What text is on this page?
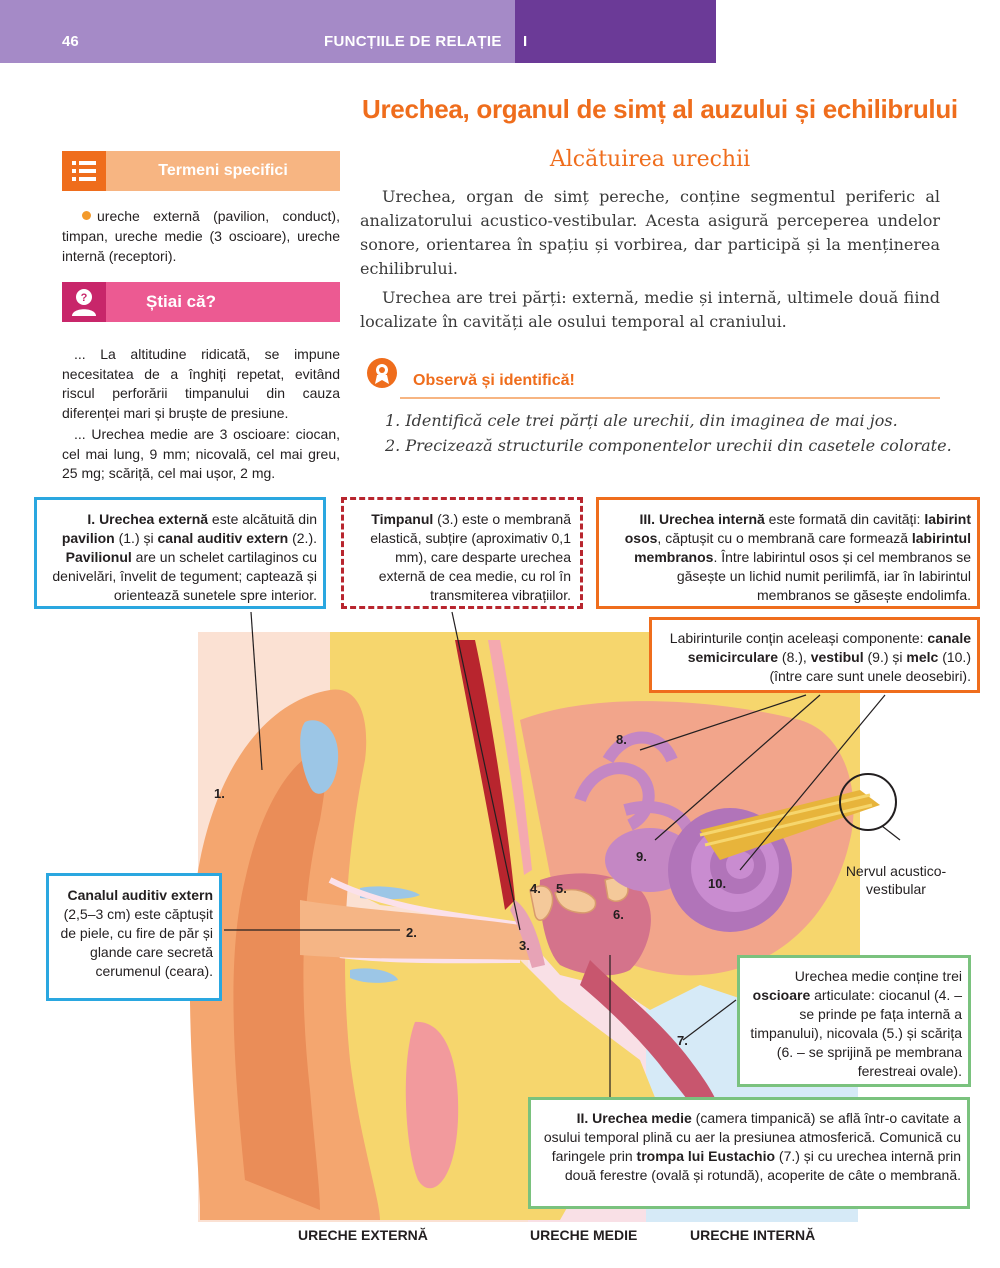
46	FUNCȚIILE DE RELAȚIE I
Urechea, organul de simț al auzului și echilibrului
Alcătuirea urechii
Urechea, organ de simț pereche, conține segmentul periferic al analizatorului acustico-vestibular. Acesta asigură perceperea undelor sonore, orientarea în spațiu și vorbirea, dar participă și la menținerea echilibrului.
Urechea are trei părți: externă, medie și internă, ultimele două fiind localizate în cavități ale osului temporal al craniului.
Termeni specifici
ureche externă (pavilion, conduct), timpan, ureche medie (3 oscioare), ureche internă (receptori).
?	Știai că?
... La altitudine ridicată, se impune necesitatea de a înghiți repetat, evitând riscul perforării timpanului din cauza diferenței mari și bruște de presiune.
... Urechea medie are 3 oscioare: ciocan, cel mai lung, 9 mm; nicovală, cel mai greu, 25 mg; scăriță, cel mai ușor, 2 mg.
Observă și identifică!
1. Identifică cele trei părți ale urechii, din imaginea de mai jos.
2. Precizează structurile componentelor urechii din casetele colorate.
I. Urechea externă este alcătuită din pavilion (1.) și canal auditiv extern (2.). Pavilionul are un schelet cartilaginos cu denivelări, învelit de tegument; captează și orientează sunetele spre interior.
Timpanul (3.) este o membrană elastică, subțire (aproximativ 0,1 mm), care desparte urechea externă de cea medie, cu rol în transmiterea vibrațiilor.
III. Urechea internă este formată din cavități: labirint osos, căptușit cu o membrană care formează labirintul membranos. Între labirintul osos și cel membranos se găsește un lichid numit perilimfă, iar în labirintul membranos se găsește endolimfa.
Labirinturile conțin aceleași componente: canale semicirculare (8.), vestibul (9.) și melc (10.) (între care sunt unele deosebiri).
Canalul auditiv extern (2,5–3 cm) este căptușit de piele, cu fire de păr și glande care secretă cerumenul (ceara).	Urechea medie conține trei oscioare articulate: ciocanul (4. – se prinde pe fața internă a timpanului), nicovala (5.) și scărița (6. – se sprijină pe membrana ferestreai ovale).
II. Urechea medie (camera timpanică) se află într-o cavitate a osului temporal plină cu aer la presiunea atmosferică. Comunică cu faringele prin trompa lui Eustachio (7.) și cu urechea internă prin două ferestre (ovală și rotundă), acoperite de câte o membrană.
1.
2.
3.
4. 5.
6.
7.
8.
9.
10.
Nervul acustico-vestibular
URECHE EXTERNĂ	URECHE MEDIE	URECHE INTERNĂ
